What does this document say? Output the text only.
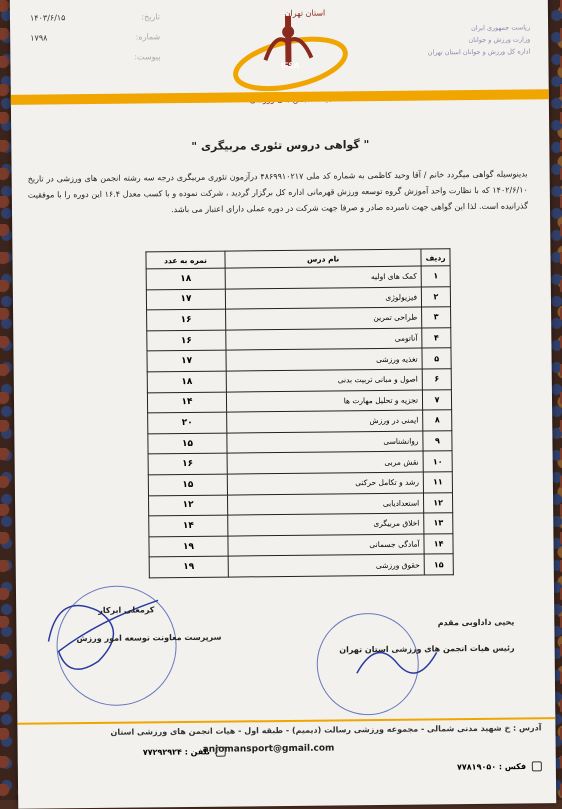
ریاست جمهوری ایران
وزارت ورزش و جوانان
اداره کل ورزش و جوانان استان تهران
تاریخ:
۱۴۰۳/۶/۱۵
شماره:
۱۷۹۸
پیوست:
IFSA
استان تهران
" گواهی دروس تئوری مربیگری "
بدینوسیله گواهی میگردد خانم / آقا وحید کاظمی به شماره کد ملی ۴۸۶۹۹۱۰۲۱۷ درآزمون تئوری مربیگری درجه سه رشته انجمن های ورزشی در تاریخ ۱۴۰۲/۶/۱۰ که با نظارت واحد آموزش گروه توسعه ورزش قهرمانی اداره کل برگزار گردید ، شرکت نموده و با کسب معدل ۱۶.۴ این دوره را با موفقیت گذرانیده است. لذا این گواهی جهت نامبرده صادر و صرفا جهت شرکت در دوره عملی دارای اعتبار می باشد.
ردیف	نام درس	نمره به عدد
۱	کمک های اولیه	۱۸
۲	فیزیولوژی	۱۷
۳	طراحی تمرین	۱۶
۴	آناتومی	۱۶
۵	تغذیه ورزشی	۱۷
۶	اصول و مبانی تربیت بدنی	۱۸
۷	تجزیه و تحلیل مهارت ها	۱۴
۸	ایمنی در ورزش	۲۰
۹	روانشناسی	۱۵
۱۰	نقش مربی	۱۶
۱۱	رشد و تکامل حرکتی	۱۵
۱۲	استعدادیابی	۱۲
۱۳	اخلاق مربیگری	۱۴
۱۴	آمادگی جسمانی	۱۹
۱۵	حقوق ورزشی	۱۹
یحیی داداوبی مقدم
رئیس هیات انجمن های ورزشی استان تهران
کرمعلی ابرکار
سرپرست معاونت توسعه امور ورزش
آدرس : خ شهید مدنی شمالی - مجموعه ورزشی رسالت (دیمیم) - طبقه اول - هیات انجمن های ورزشی استان
anjomansport@gmail.com
تلفن : ۷۷۲۹۲۹۲۴
فکس : ۷۷۸۱۹۰۵۰
